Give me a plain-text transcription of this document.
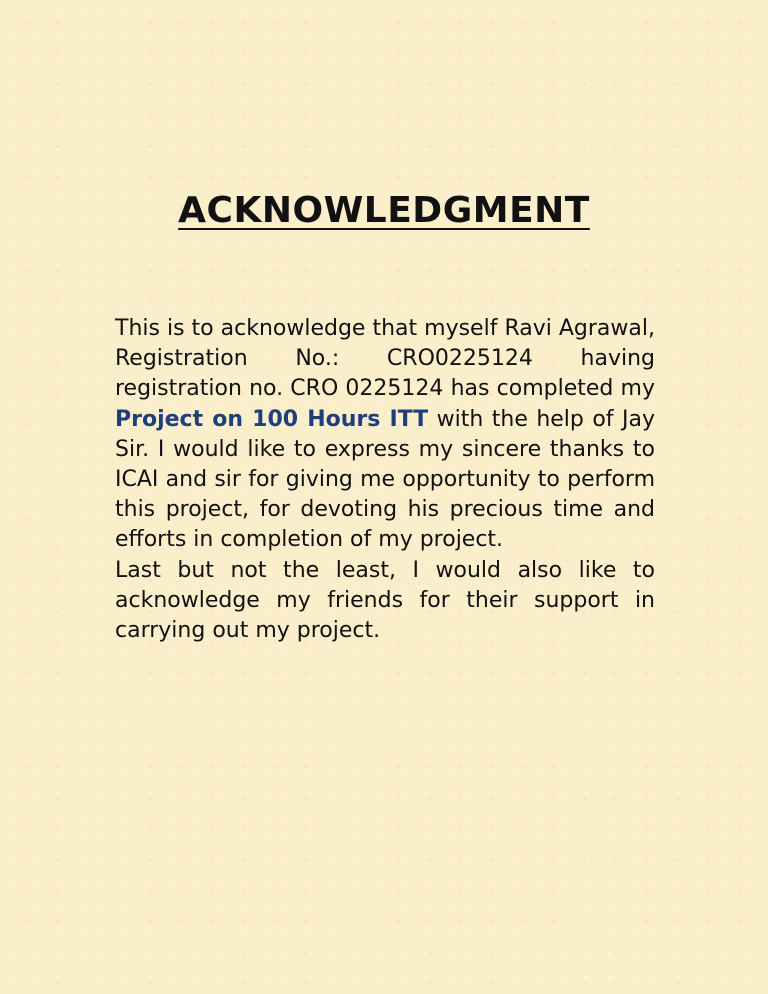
ACKNOWLEDGMENT

This is to acknowledge that myself Ravi Agrawal, Registration No.: CRO0225124 having registration no. CRO 0225124 has completed my Project on 100 Hours ITT with the help of Jay Sir. I would like to express my sincere thanks to ICAI and sir for giving me opportunity to perform this project, for devoting his precious time and efforts in completion of my project.

Last but not the least, I would also like to acknowledge my friends for their support in carrying out my project.
